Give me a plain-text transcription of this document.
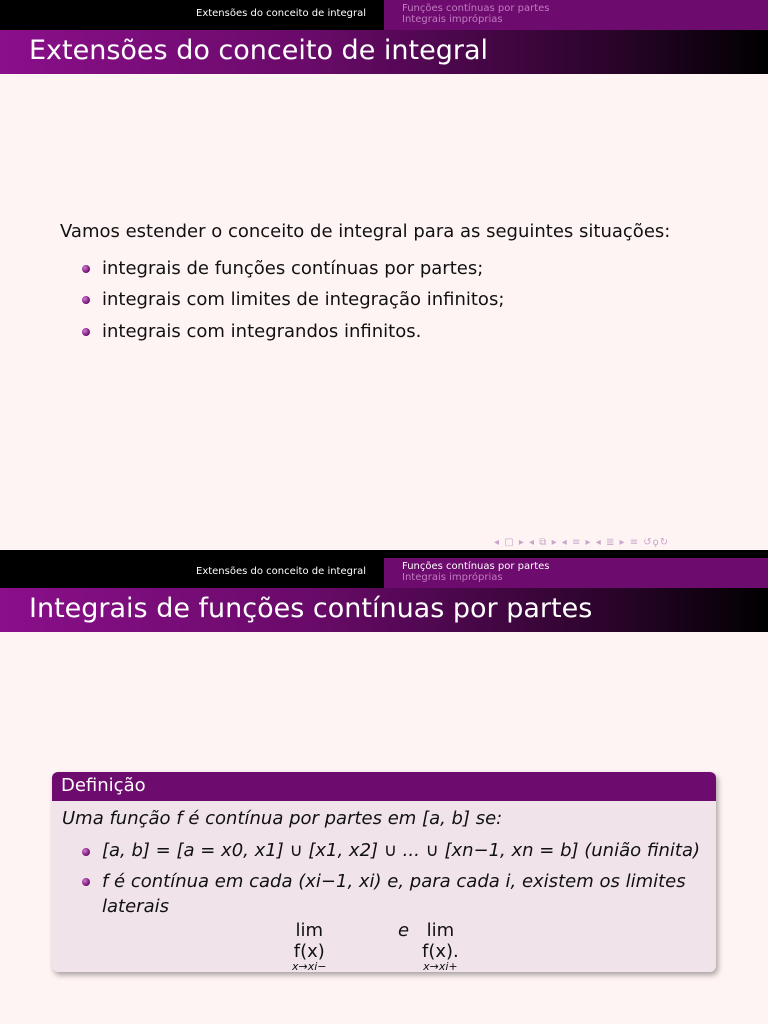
Extensões do conceito de integral	Funções contínuas por partes
Integrais impróprias
Extensões do conceito de integral
Vamos estender o conceito de integral para as seguintes situações:
integrais de funções contínuas por partes;
integrais com limites de integração infinitos;
integrais com integrandos infinitos.
◂ ▢ ▸ ◂ ⧉ ▸ ◂ ≡ ▸ ◂ ≣ ▸ ≡ ↺ϙ↻
Extensões do conceito de integral	Funções contínuas por partes
Integrais impróprias
Integrais de funções contínuas por partes
Definição
Uma função f é contínua por partes em [a, b] se:
[a, b] = [a = x0, x1] ∪ [x1, x2] ∪ ... ∪ [xn−1, xn = b] (união finita)
f é contínua em cada (xi−1, xi) e, para cada i, existem os limites
laterais
lim f(x)
x→xi−
e lim f(x).
x→xi+
